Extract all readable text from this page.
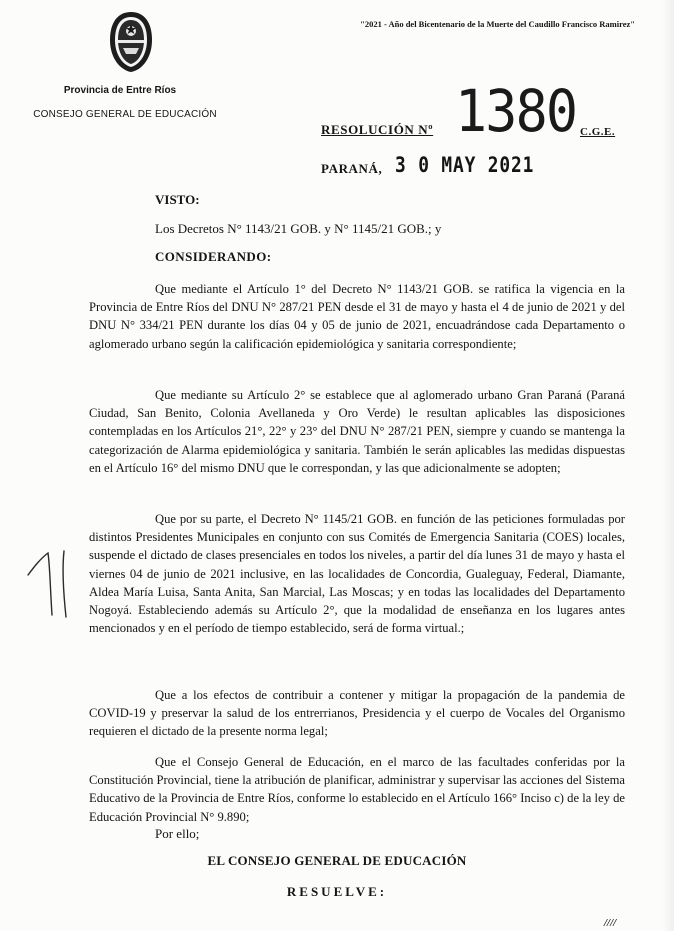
Provincia de Entre Ríos
CONSEJO GENERAL DE EDUCACIÓN
"2021 - Año del Bicentenario de la Muerte del Caudillo Francisco Ramirez"
RESOLUCIÓN Nº 1380 C.G.E.
PARANÁ, 3 0 MAY 2021
VISTO:
Los Decretos N° 1143/21 GOB. y N° 1145/21 GOB.; y
CONSIDERANDO:

Que mediante el Artículo 1° del Decreto N° 1143/21 GOB. se ratifica la vigencia en la Provincia de Entre Ríos del DNU N° 287/21 PEN desde el 31 de mayo y hasta el 4 de junio de 2021 y del DNU N° 334/21 PEN durante los días 04 y 05 de junio de 2021, encuadrándose cada Departamento o aglomerado urbano según la calificación epidemiológica y sanitaria correspondiente;

Que mediante su Artículo 2° se establece que al aglomerado urbano Gran Paraná (Paraná Ciudad, San Benito, Colonia Avellaneda y Oro Verde) le resultan aplicables las disposiciones contempladas en los Artículos 21°, 22° y 23° del DNU N° 287/21 PEN, siempre y cuando se mantenga la categorización de Alarma epidemiológica y sanitaria. También le serán aplicables las medidas dispuestas en el Artículo 16° del mismo DNU que le correspondan, y las que adicionalmente se adopten;

Que por su parte, el Decreto N° 1145/21 GOB. en función de las peticiones formuladas por distintos Presidentes Municipales en conjunto con sus Comités de Emergencia Sanitaria (COES) locales, suspende el dictado de clases presenciales en todos los niveles, a partir del día lunes 31 de mayo y hasta el viernes 04 de junio de 2021 inclusive, en las localidades de Concordia, Gualeguay, Federal, Diamante, Aldea María Luisa, Santa Anita, San Marcial, Las Moscas; y en todas las localidades del Departamento Nogoyá. Estableciendo además su Artículo 2°, que la modalidad de enseñanza en los lugares antes mencionados y en el período de tiempo establecido, será de forma virtual.;

Que a los efectos de contribuir a contener y mitigar la propagación de la pandemia de COVID-19 y preservar la salud de los entrerrianos, Presidencia y el cuerpo de Vocales del Organismo requieren el dictado de la presente norma legal;

Que el Consejo General de Educación, en el marco de las facultades conferidas por la Constitución Provincial, tiene la atribución de planificar, administrar y supervisar las acciones del Sistema Educativo de la Provincia de Entre Ríos, conforme lo establecido en el Artículo 166° Inciso c) de la ley de Educación Provincial N° 9.890;

Por ello;
EL CONSEJO GENERAL DE EDUCACIÓN
RESUELVE:
////
